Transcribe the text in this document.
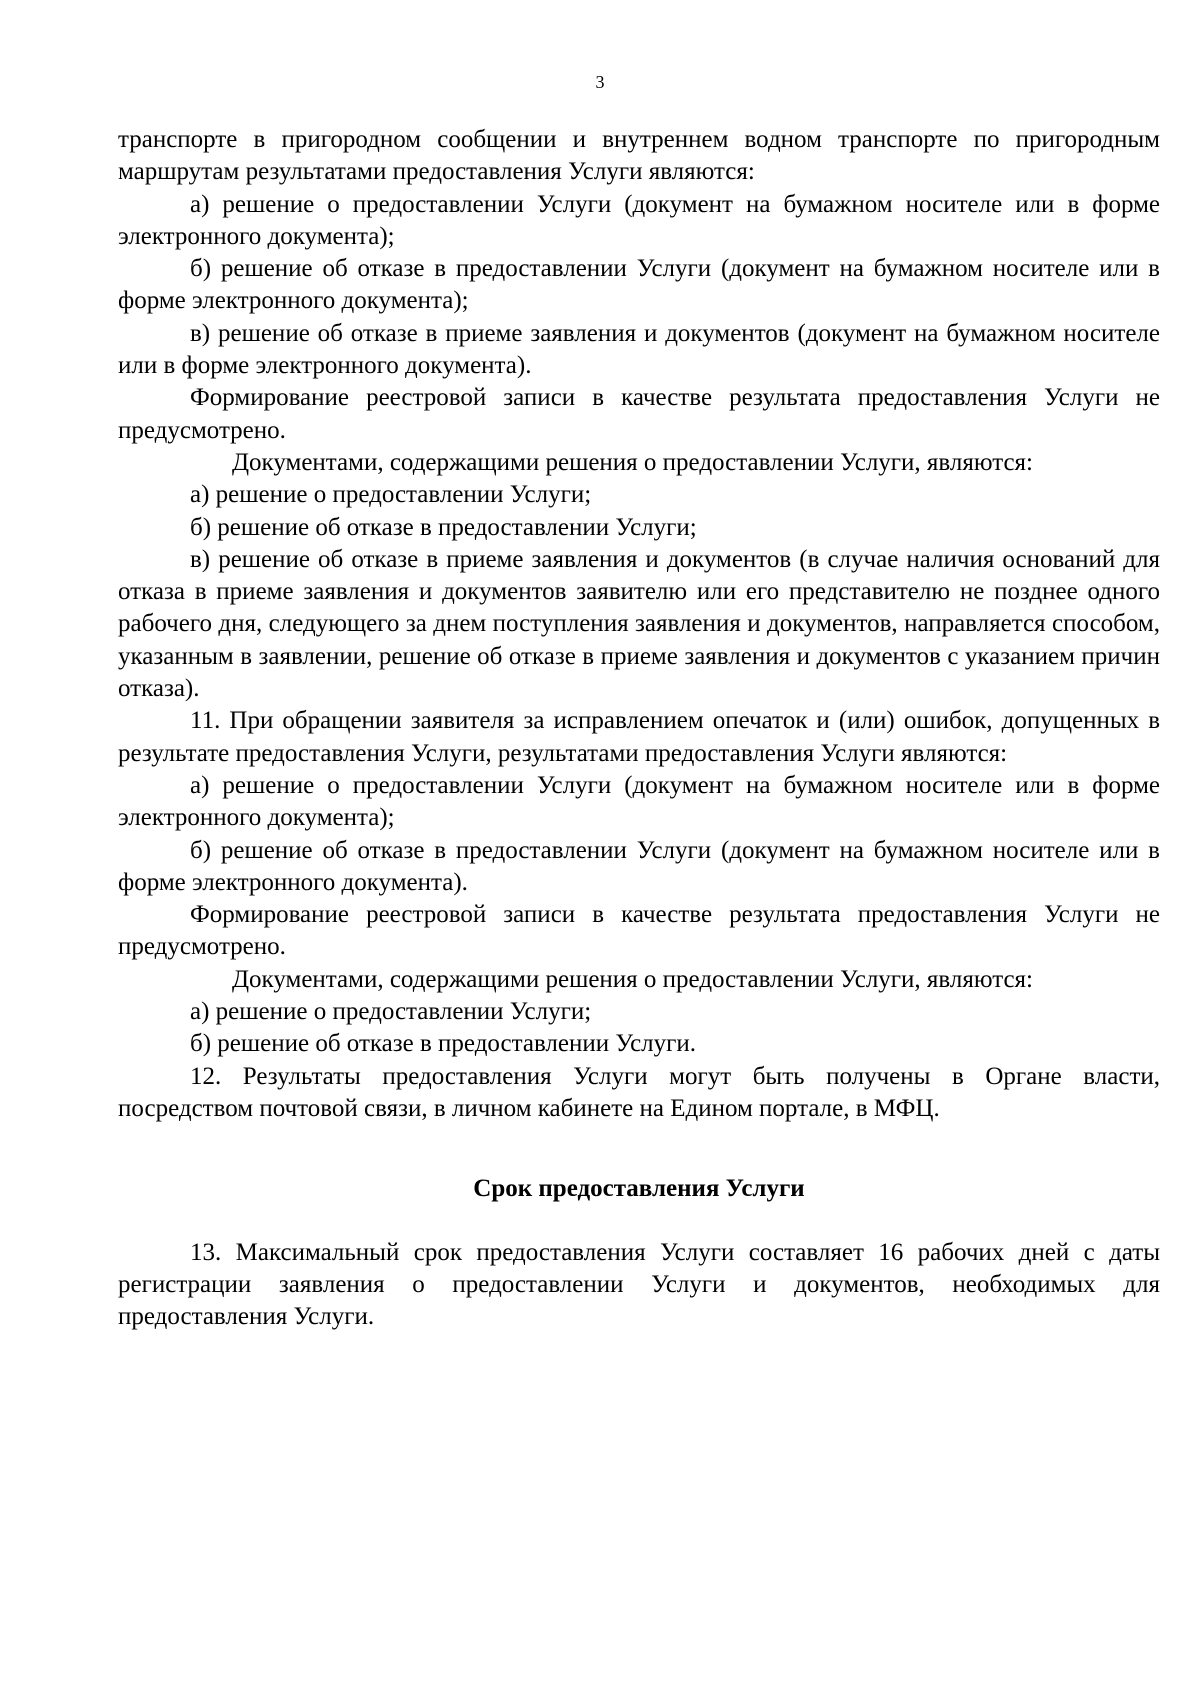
3

транспорте в пригородном сообщении и внутреннем водном транспорте по пригородным маршрутам результатами предоставления Услуги являются:

а) решение о предоставлении Услуги (документ на бумажном носителе или в форме электронного документа);

б) решение об отказе в предоставлении Услуги (документ на бумажном носителе или в форме электронного документа);

в) решение об отказе в приеме заявления и документов (документ на бумажном носителе или в форме электронного документа).

Формирование реестровой записи в качестве результата предоставления Услуги не предусмотрено.

Документами, содержащими решения о предоставлении Услуги, являются:

а) решение о предоставлении Услуги;

б) решение об отказе в предоставлении Услуги;

в) решение об отказе в приеме заявления и документов (в случае наличия оснований для отказа в приеме заявления и документов заявителю или его представителю не позднее одного рабочего дня, следующего за днем поступления заявления и документов, направляется способом, указанным в заявлении, решение об отказе в приеме заявления и документов с указанием причин отказа).

11. При обращении заявителя за исправлением опечаток и (или) ошибок, допущенных в результате предоставления Услуги, результатами предоставления Услуги являются:

а) решение о предоставлении Услуги (документ на бумажном носителе или в форме электронного документа);

б) решение об отказе в предоставлении Услуги (документ на бумажном носителе или в форме электронного документа).

Формирование реестровой записи в качестве результата предоставления Услуги не предусмотрено.

Документами, содержащими решения о предоставлении Услуги, являются:

а) решение о предоставлении Услуги;

б) решение об отказе в предоставлении Услуги.

12. Результаты предоставления Услуги могут быть получены в Органе власти, посредством почтовой связи, в личном кабинете на Едином портале, в МФЦ.

Срок предоставления Услуги

13. Максимальный срок предоставления Услуги составляет 16 рабочих дней с даты регистрации заявления о предоставлении Услуги и документов, необходимых для предоставления Услуги.
